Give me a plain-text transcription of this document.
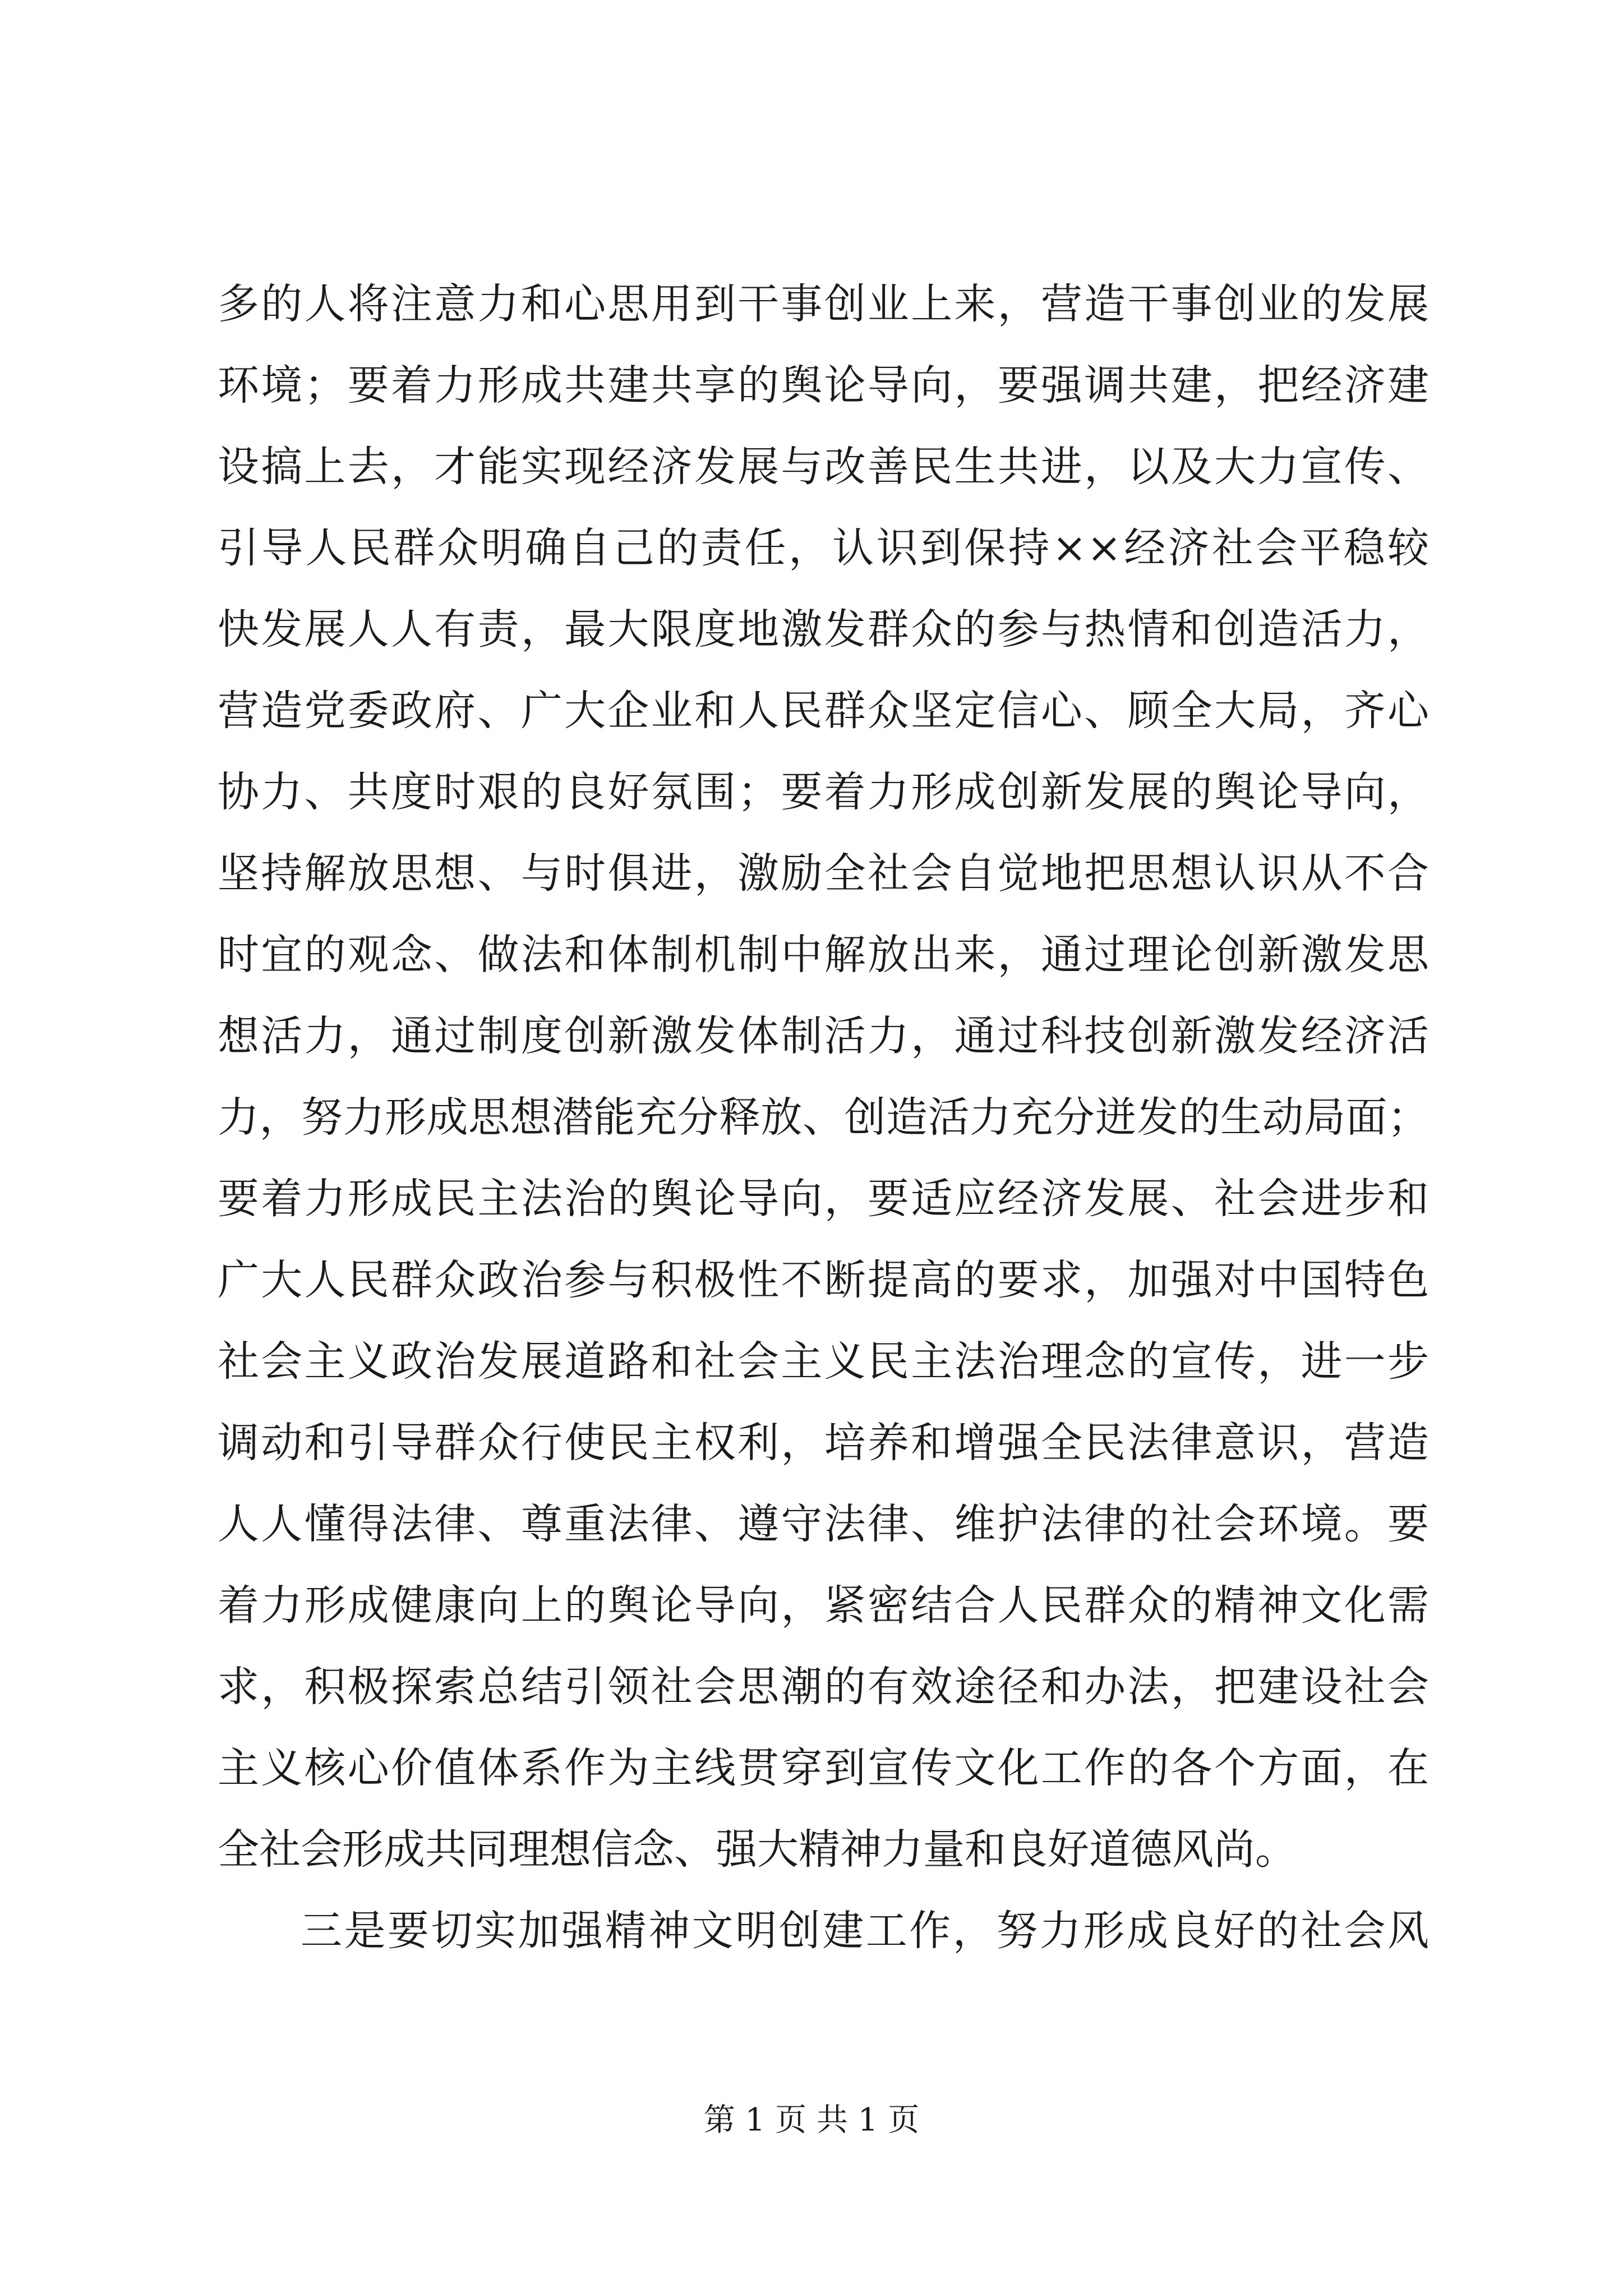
多的人将注意力和心思用到干事创业上来，营造干事创业的发展
环境；要着力形成共建共享的舆论导向，要强调共建，把经济建
设搞上去，才能实现经济发展与改善民生共进，以及大力宣传、
引导人民群众明确自己的责任，认识到保持××经济社会平稳较
快发展人人有责，最大限度地激发群众的参与热情和创造活力，
营造党委政府、广大企业和人民群众坚定信心、顾全大局，齐心
协力、共度时艰的良好氛围；要着力形成创新发展的舆论导向，
坚持解放思想、与时俱进，激励全社会自觉地把思想认识从不合
时宜的观念、做法和体制机制中解放出来，通过理论创新激发思
想活力，通过制度创新激发体制活力，通过科技创新激发经济活
力，努力形成思想潜能充分释放、创造活力充分迸发的生动局面；
要着力形成民主法治的舆论导向，要适应经济发展、社会进步和
广大人民群众政治参与积极性不断提高的要求，加强对中国特色
社会主义政治发展道路和社会主义民主法治理念的宣传，进一步
调动和引导群众行使民主权利，培养和增强全民法律意识，营造
人人懂得法律、尊重法律、遵守法律、维护法律的社会环境。要
着力形成健康向上的舆论导向，紧密结合人民群众的精神文化需
求，积极探索总结引领社会思潮的有效途径和办法，把建设社会
主义核心价值体系作为主线贯穿到宣传文化工作的各个方面，在
全社会形成共同理想信念、强大精神力量和良好道德风尚。
三是要切实加强精神文明创建工作，努力形成良好的社会风
第 1 页 共 1 页
